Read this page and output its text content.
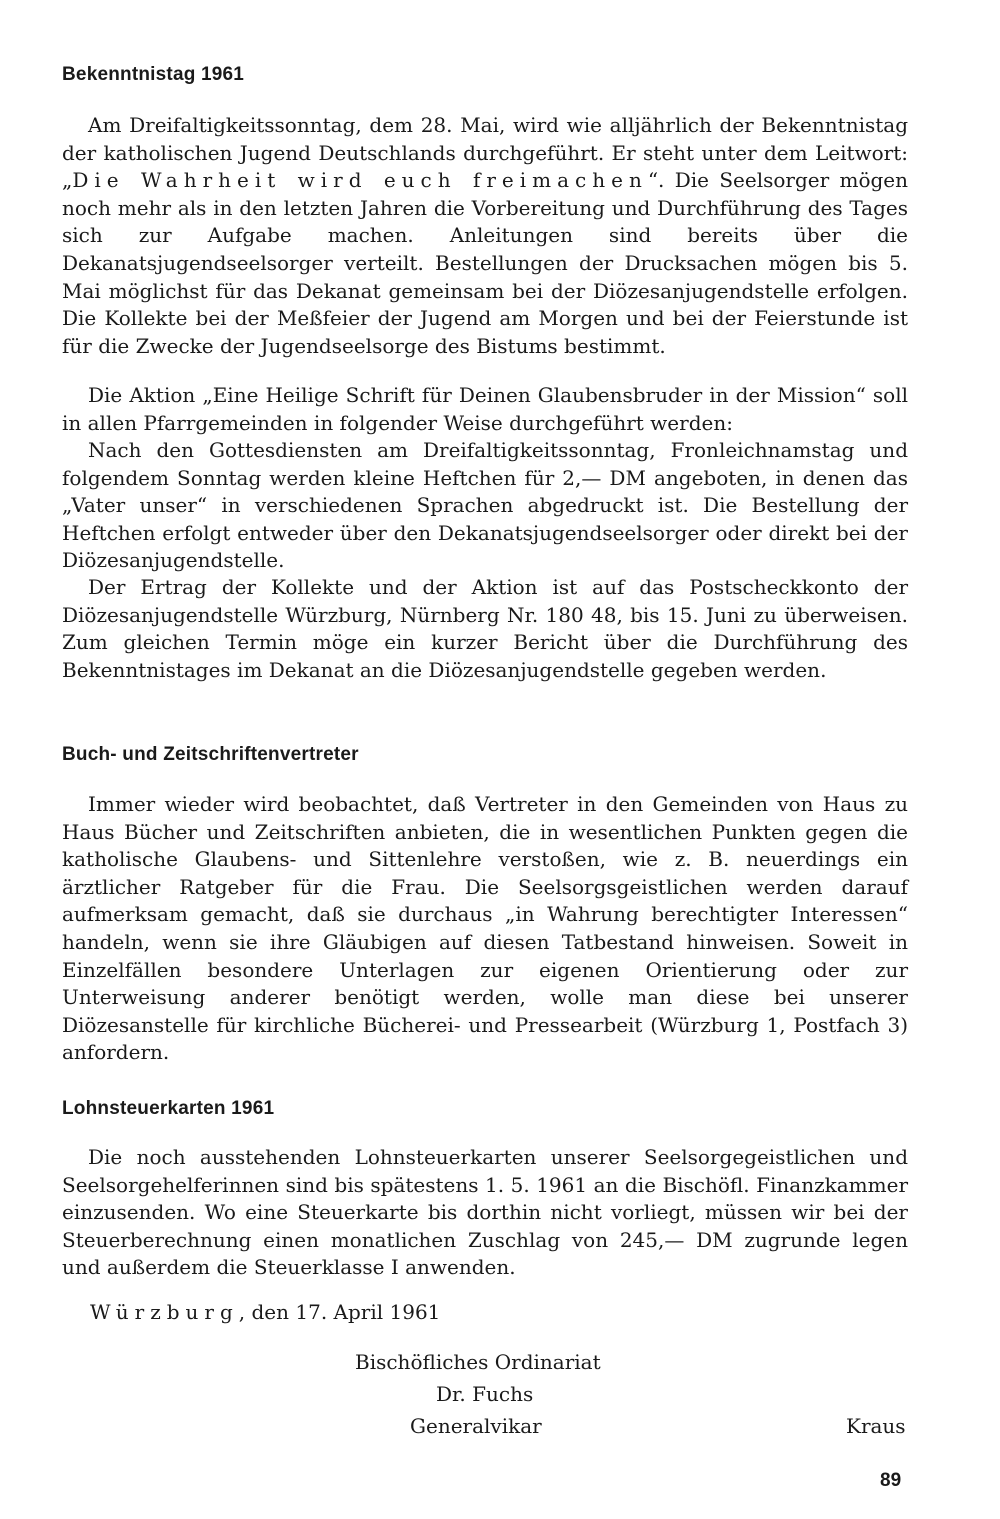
Bekenntnistag 1961

Am Dreifaltigkeitssonntag, dem 28. Mai, wird wie alljährlich der Bekenntnistag der katholischen Jugend Deutschlands durchgeführt. Er steht unter dem Leitwort: „Die Wahrheit wird euch freimachen“. Die Seelsorger mögen noch mehr als in den letzten Jahren die Vorbereitung und Durchführung des Tages sich zur Aufgabe machen. Anleitungen sind bereits über die Dekanatsjugendseelsorger verteilt. Bestellungen der Drucksachen mögen bis 5. Mai möglichst für das Dekanat gemeinsam bei der Diözesanjugendstelle erfolgen. Die Kollekte bei der Meßfeier der Jugend am Morgen und bei der Feierstunde ist für die Zwecke der Jugendseelsorge des Bistums bestimmt.

Die Aktion „Eine Heilige Schrift für Deinen Glaubensbruder in der Mission“ soll in allen Pfarrgemeinden in folgender Weise durchgeführt werden:

Nach den Gottesdiensten am Dreifaltigkeitssonntag, Fronleichnamstag und folgendem Sonntag werden kleine Heftchen für 2,— DM angeboten, in denen das „Vater unser“ in verschiedenen Sprachen abgedruckt ist. Die Bestellung der Heftchen erfolgt entweder über den Dekanatsjugendseelsorger oder direkt bei der Diözesanjugendstelle.

Der Ertrag der Kollekte und der Aktion ist auf das Postscheckkonto der Diözesanjugendstelle Würzburg, Nürnberg Nr. 180 48, bis 15. Juni zu überweisen. Zum gleichen Termin möge ein kurzer Bericht über die Durchführung des Bekenntnistages im Dekanat an die Diözesanjugendstelle gegeben werden.

Buch- und Zeitschriftenvertreter

Immer wieder wird beobachtet, daß Vertreter in den Gemeinden von Haus zu Haus Bücher und Zeitschriften anbieten, die in wesentlichen Punkten gegen die katholische Glaubens- und Sittenlehre verstoßen, wie z. B. neuerdings ein ärztlicher Ratgeber für die Frau. Die Seelsorgsgeistlichen werden darauf aufmerksam gemacht, daß sie durchaus „in Wahrung berechtigter Interessen“ handeln, wenn sie ihre Gläubigen auf diesen Tatbestand hinweisen. Soweit in Einzelfällen besondere Unterlagen zur eigenen Orientierung oder zur Unterweisung anderer benötigt werden, wolle man diese bei unserer Diözesanstelle für kirchliche Bücherei- und Pressearbeit (Würzburg 1, Postfach 3) anfordern.

Lohnsteuerkarten 1961

Die noch ausstehenden Lohnsteuerkarten unserer Seelsorgegeistlichen und Seelsorgehelferinnen sind bis spätestens 1. 5. 1961 an die Bischöfl. Finanzkammer einzusenden. Wo eine Steuerkarte bis dorthin nicht vorliegt, müssen wir bei der Steuerberechnung einen monatlichen Zuschlag von 245,— DM zugrunde legen und außerdem die Steuerklasse I anwenden.

Würzburg, den 17. April 1961
Bischöfliches Ordinariat
Dr. Fuchs
Generalvikar	Kraus
89
